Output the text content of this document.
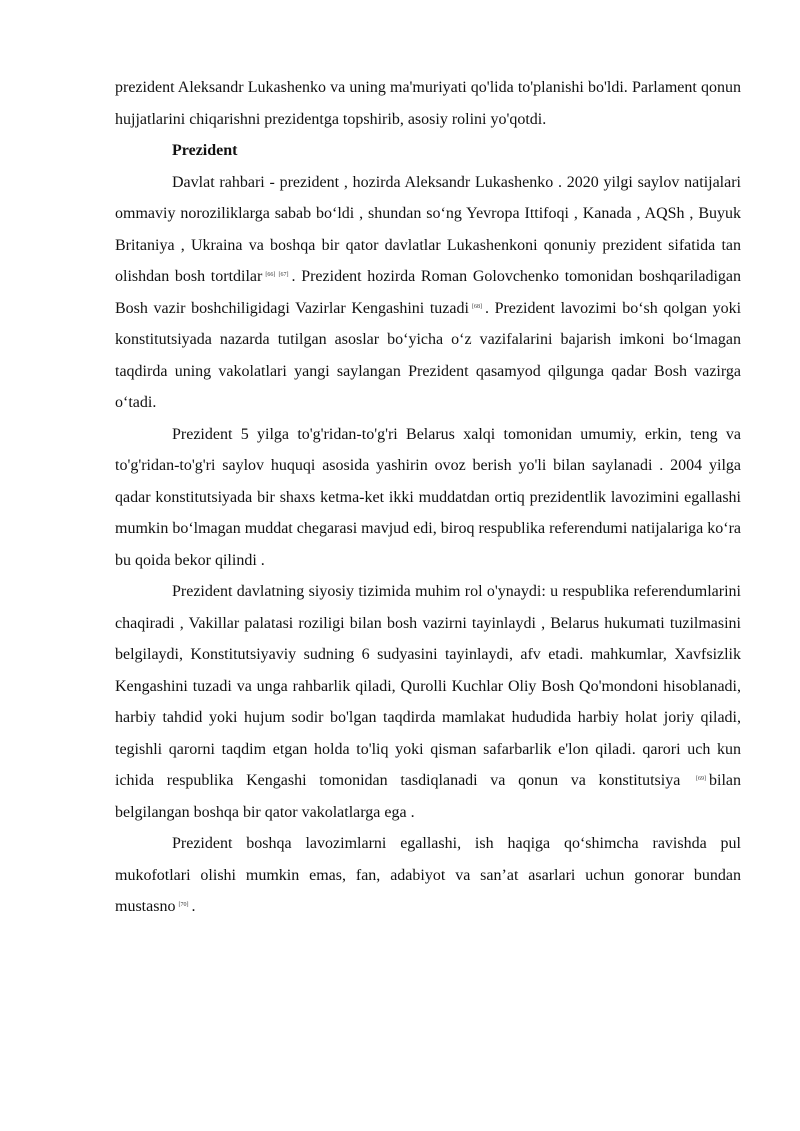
prezident Aleksandr Lukashenko va uning ma'muriyati qo'lida to'planishi bo'ldi. Parlament qonun hujjatlarini chiqarishni prezidentga topshirib, asosiy rolini yo'qotdi.

Prezident

Davlat rahbari - prezident , hozirda Aleksandr Lukashenko . 2020 yilgi saylov natijalari ommaviy noroziliklarga sabab bo‘ldi , shundan so‘ng Yevropa Ittifoqi , Kanada , AQSh , Buyuk Britaniya , Ukraina va boshqa bir qator davlatlar Lukashenkoni qonuniy prezident sifatida tan olishdan bosh tortdilar [66] [67] . Prezident hozirda Roman Golovchenko tomonidan boshqariladigan Bosh vazir boshchiligidagi Vazirlar Kengashini tuzadi [68] . Prezident lavozimi bo‘sh qolgan yoki konstitutsiyada nazarda tutilgan asoslar bo‘yicha o‘z vazifalarini bajarish imkoni bo‘lmagan taqdirda uning vakolatlari yangi saylangan Prezident qasamyod qilgunga qadar Bosh vazirga o‘tadi.

Prezident 5 yilga to'g'ridan-to'g'ri Belarus xalqi tomonidan umumiy, erkin, teng va to'g'ridan-to'g'ri saylov huquqi asosida yashirin ovoz berish yo'li bilan saylanadi . 2004 yilga qadar konstitutsiyada bir shaxs ketma-ket ikki muddatdan ortiq prezidentlik lavozimini egallashi mumkin bo‘lmagan muddat chegarasi mavjud edi, biroq respublika referendumi natijalariga ko‘ra bu qoida bekor qilindi .

Prezident davlatning siyosiy tizimida muhim rol o'ynaydi: u respublika referendumlarini chaqiradi , Vakillar palatasi roziligi bilan bosh vazirni tayinlaydi , Belarus hukumati tuzilmasini belgilaydi, Konstitutsiyaviy sudning 6 sudyasini tayinlaydi, afv etadi. mahkumlar, Xavfsizlik Kengashini tuzadi va unga rahbarlik qiladi, Qurolli Kuchlar Oliy Bosh Qo'mondoni hisoblanadi, harbiy tahdid yoki hujum sodir bo'lgan taqdirda mamlakat hududida harbiy holat joriy qiladi, tegishli qarorni taqdim etgan holda to'liq yoki qisman safarbarlik e'lon qiladi. qarori uch kun ichida respublika Kengashi tomonidan tasdiqlanadi va qonun va konstitutsiya	[69] bilan belgilangan boshqa bir qator vakolatlarga ega .

Prezident boshqa lavozimlarni egallashi, ish haqiga qo‘shimcha ravishda pul mukofotlari olishi mumkin emas, fan, adabiyot va san’at asarlari uchun gonorar bundan mustasno [70] .
